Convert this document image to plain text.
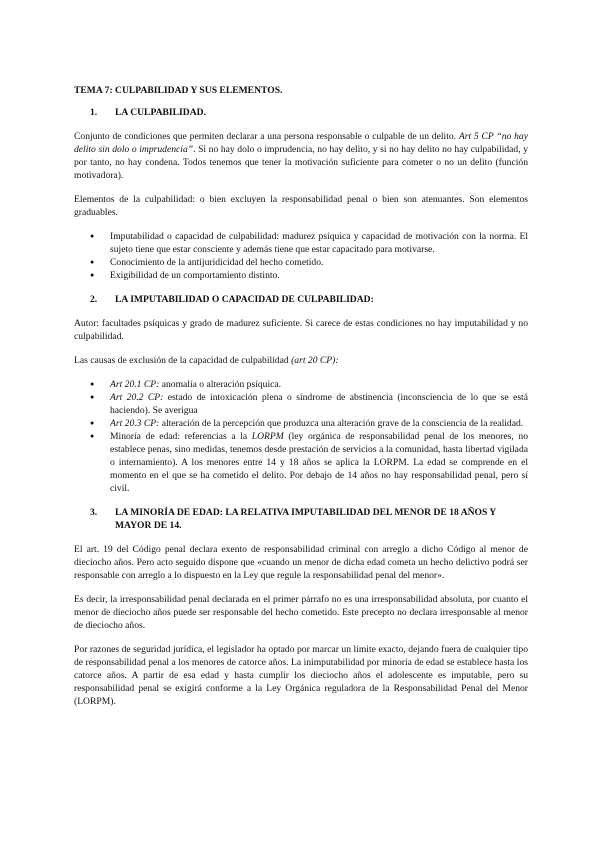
TEMA 7: CULPABILIDAD Y SUS ELEMENTOS.
1.	LA CULPABILIDAD.

Conjunto de condiciones que permiten declarar a una persona responsable o culpable de un delito. Art 5 CP “no hay delito sin dolo o imprudencia”. Si no hay dolo o imprudencia, no hay delito, y si no hay delito no hay culpabilidad, y por tanto, no hay condena. Todos tenemos que tener la motivación suficiente para cometer o no un delito (función motivadora).

Elementos de la culpabilidad: o bien excluyen la responsabilidad penal o bien son atenuantes. Son elementos graduables.

● Imputabilidad o capacidad de culpabilidad: madurez psíquica y capacidad de motivación con la norma. El sujeto tiene que estar consciente y además tiene que estar capacitado para motivarse.
● Conocimiento de la antijuridicidad del hecho cometido.
● Exigibilidad de un comportamiento distinto.
2.	LA IMPUTABILIDAD O CAPACIDAD DE CULPABILIDAD:

Autor: facultades psíquicas y grado de madurez suficiente. Si carece de estas condiciones no hay imputabilidad y no culpabilidad.

Las causas de exclusión de la capacidad de culpabilidad (art 20 CP):

● Art 20.1 CP: anomalía o alteración psíquica.
● Art 20.2 CP: estado de intoxicación plena o síndrome de abstinencia (inconsciencia de lo que se está haciendo). Se averigua
● Art 20.3 CP: alteración de la percepción que produzca una alteración grave de la consciencia de la realidad.
● Minoría de edad: referencias a la LORPM (ley orgánica de responsabilidad penal de los menores, no establece penas, sino medidas, tenemos desde prestación de servicios a la comunidad, hasta libertad vigilada o internamiento). A los menores entre 14 y 18 años se aplica la LORPM. La edad se comprende en el momento en el que se ha cometido el delito. Por debajo de 14 años no hay responsabilidad penal, pero sí civil.
3.	LA MINORÍA DE EDAD: LA RELATIVA IMPUTABILIDAD DEL MENOR DE 18 AÑOS Y MAYOR DE 14.

El art. 19 del Código penal declara exento de responsabilidad criminal con arreglo a dicho Código al menor de dieciocho años. Pero acto seguido dispone que «cuando un menor de dicha edad cometa un hecho delictivo podrá ser responsable con arreglo a lo dispuesto en la Ley que regule la responsabilidad penal del menor».

Es decir, la irresponsabilidad penal declarada en el primer párrafo no es una irresponsabilidad absoluta, por cuanto el menor de dieciocho años puede ser responsable del hecho cometido. Este precepto no declara irresponsable al menor de dieciocho años.

Por razones de seguridad jurídica, el legislador ha optado por marcar un límite exacto, dejando fuera de cualquier tipo de responsabilidad penal a los menores de catorce años. La inimputabilidad por minoría de edad se establece hasta los catorce años. A partir de esa edad y hasta cumplir los dieciocho años el adolescente es imputable, pero su responsabilidad penal se exigirá conforme a la Ley Orgánica reguladora de la Responsabilidad Penal del Menor (LORPM).
